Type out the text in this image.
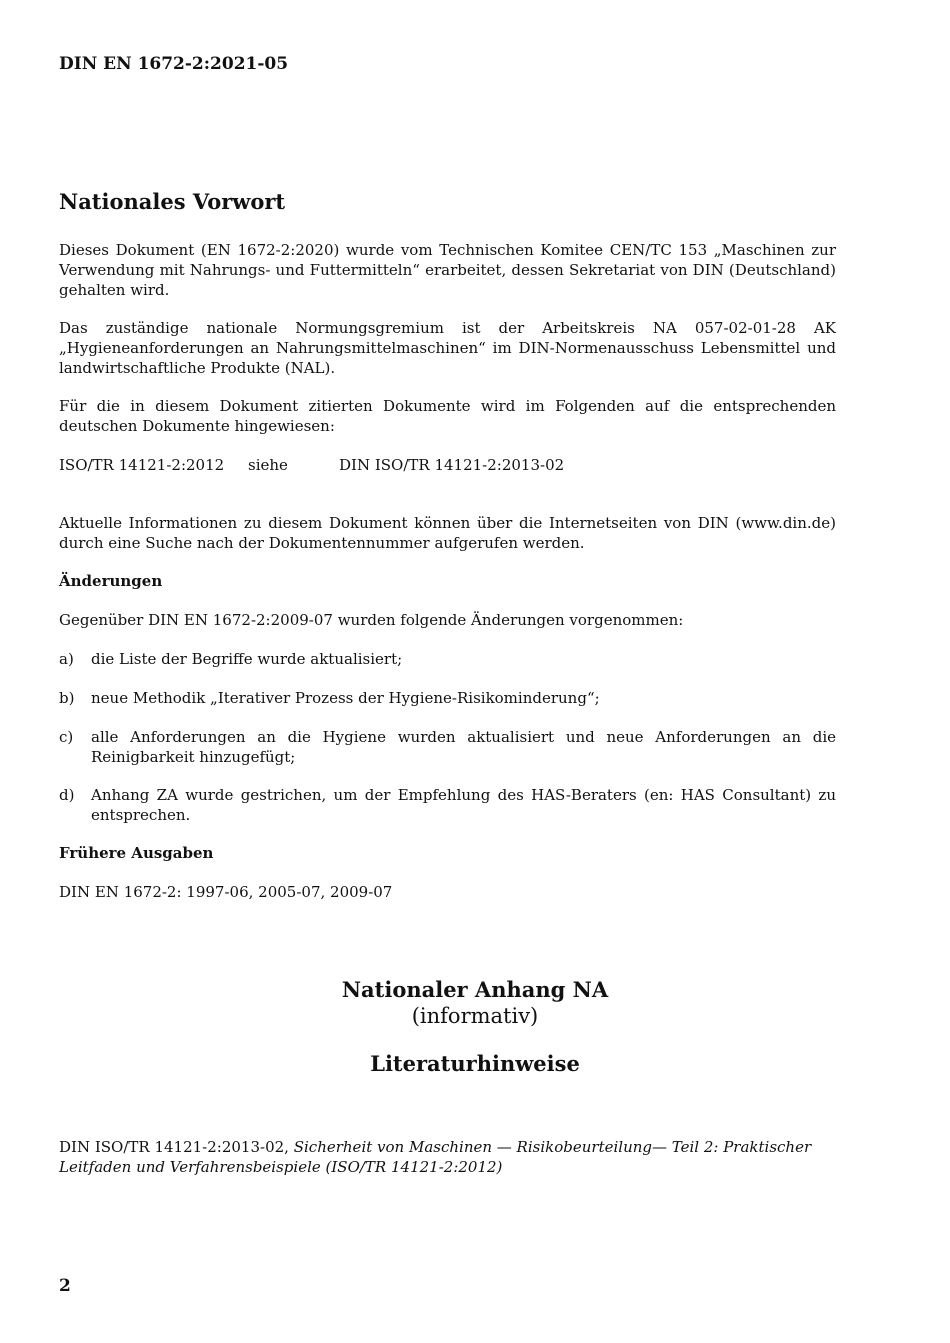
DIN EN 1672-2:2021-05
Nationales Vorwort
Dieses Dokument (EN 1672-2:2020) wurde vom Technischen Komitee CEN/TC 153 „Maschinen zur Verwendung mit Nahrungs- und Futtermitteln“ erarbeitet, dessen Sekretariat von DIN (Deutschland) gehalten wird.
Das zuständige nationale Normungsgremium ist der Arbeitskreis NA 057-02-01-28 AK „Hygieneanforderungen an Nahrungsmittelmaschinen“ im DIN-Normenausschuss Lebensmittel und landwirtschaftliche Produkte (NAL).
Für die in diesem Dokument zitierten Dokumente wird im Folgenden auf die entsprechenden deutschen Dokumente hingewiesen:
ISO/TR 14121-2:2012 siehe	DIN ISO/TR 14121-2:2013-02
Aktuelle Informationen zu diesem Dokument können über die Internetseiten von DIN (www.din.de) durch eine Suche nach der Dokumentennummer aufgerufen werden.
Änderungen
Gegenüber DIN EN 1672-2:2009-07 wurden folgende Änderungen vorgenommen:
a) die Liste der Begriffe wurde aktualisiert;
b) neue Methodik „Iterativer Prozess der Hygiene-Risikominderung“;
c) alle Anforderungen an die Hygiene wurden aktualisiert und neue Anforderungen an die Reinigbarkeit hinzugefügt;
d) Anhang ZA wurde gestrichen, um der Empfehlung des HAS-Beraters (en: HAS Consultant) zu entsprechen.
Frühere Ausgaben
DIN EN 1672-2: 1997-06, 2005-07, 2009-07
Nationaler Anhang NA
(informativ)
Literaturhinweise
DIN ISO/TR 14121-2:2013-02, Sicherheit von Maschinen — Risikobeurteilung— Teil 2: Praktischer Leitfaden und Verfahrensbeispiele (ISO/TR 14121-2:2012)
2
